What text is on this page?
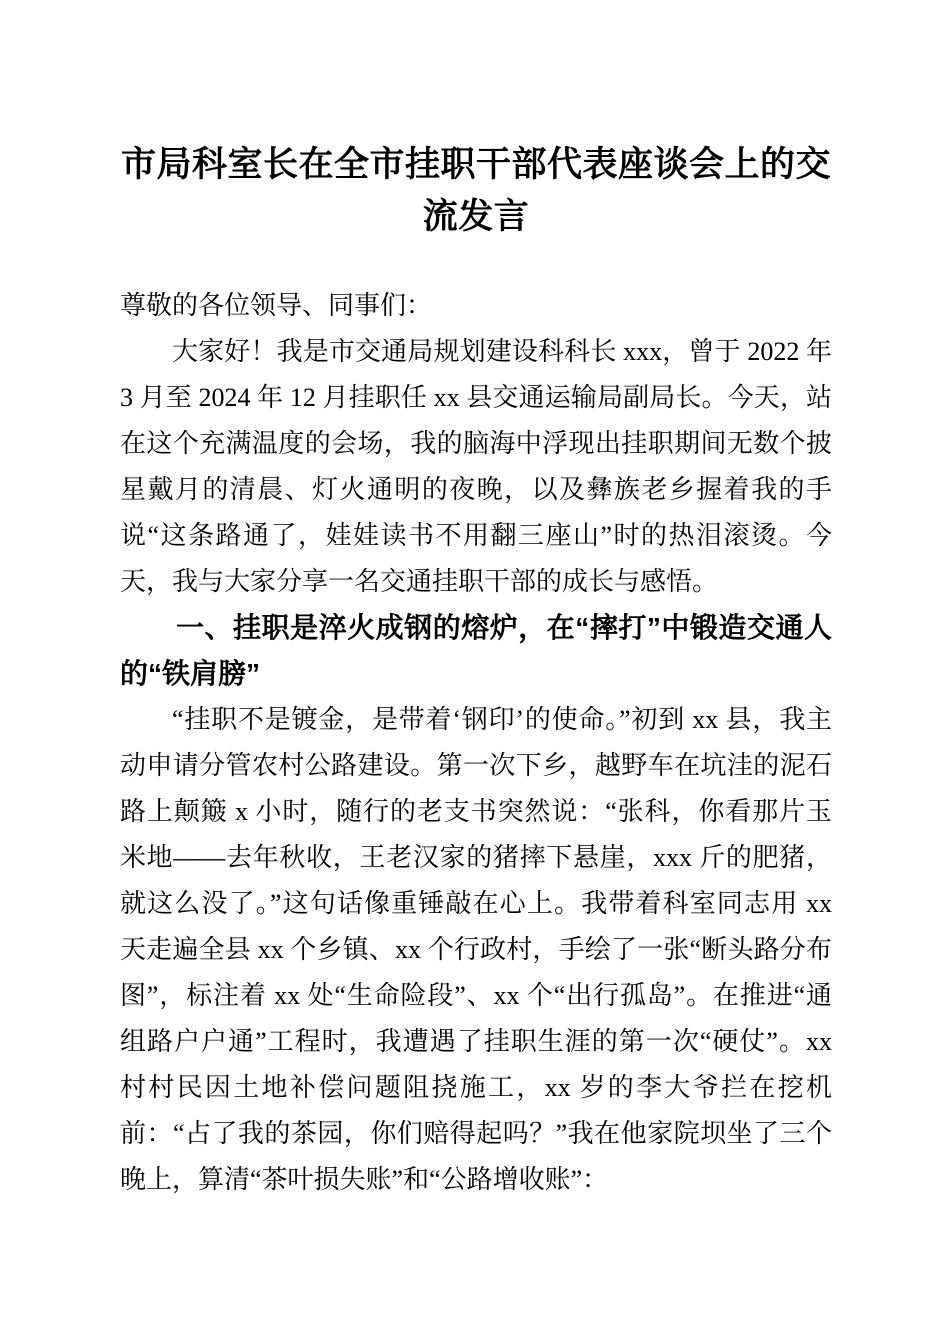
市局科室长在全市挂职干部代表座谈会上的交流发言

尊敬的各位领导、同事们：

大家好！我是市交通局规划建设科科长 xxx，曾于 2022 年 3 月至 2024 年 12 月挂职任 xx 县交通运输局副局长。今天，站在这个充满温度的会场，我的脑海中浮现出挂职期间无数个披星戴月的清晨、灯火通明的夜晚，以及彝族老乡握着我的手说“这条路通了，娃娃读书不用翻三座山”时的热泪滚烫。今天，我与大家分享一名交通挂职干部的成长与感悟。

一、挂职是淬火成钢的熔炉，在“摔打”中锻造交通人的“铁肩膀”

“挂职不是镀金，是带着‘钢印’的使命。”初到 xx 县，我主动申请分管农村公路建设。第一次下乡，越野车在坑洼的泥石路上颠簸 x 小时，随行的老支书突然说：“张科，你看那片玉米地——去年秋收，王老汉家的猪摔下悬崖，xxx 斤的肥猪，就这么没了。”这句话像重锤敲在心上。我带着科室同志用 xx 天走遍全县 xx 个乡镇、xx 个行政村，手绘了一张“断头路分布图”，标注着 xx 处“生命险段”、xx 个“出行孤岛”。在推进“通组路户户通”工程时，我遭遇了挂职生涯的第一次“硬仗”。xx 村村民因土地补偿问题阻挠施工，xx 岁的李大爷拦在挖机前：“占了我的茶园，你们赔得起吗？”我在他家院坝坐了三个晚上，算清“茶叶损失账”和“公路增收账”：
